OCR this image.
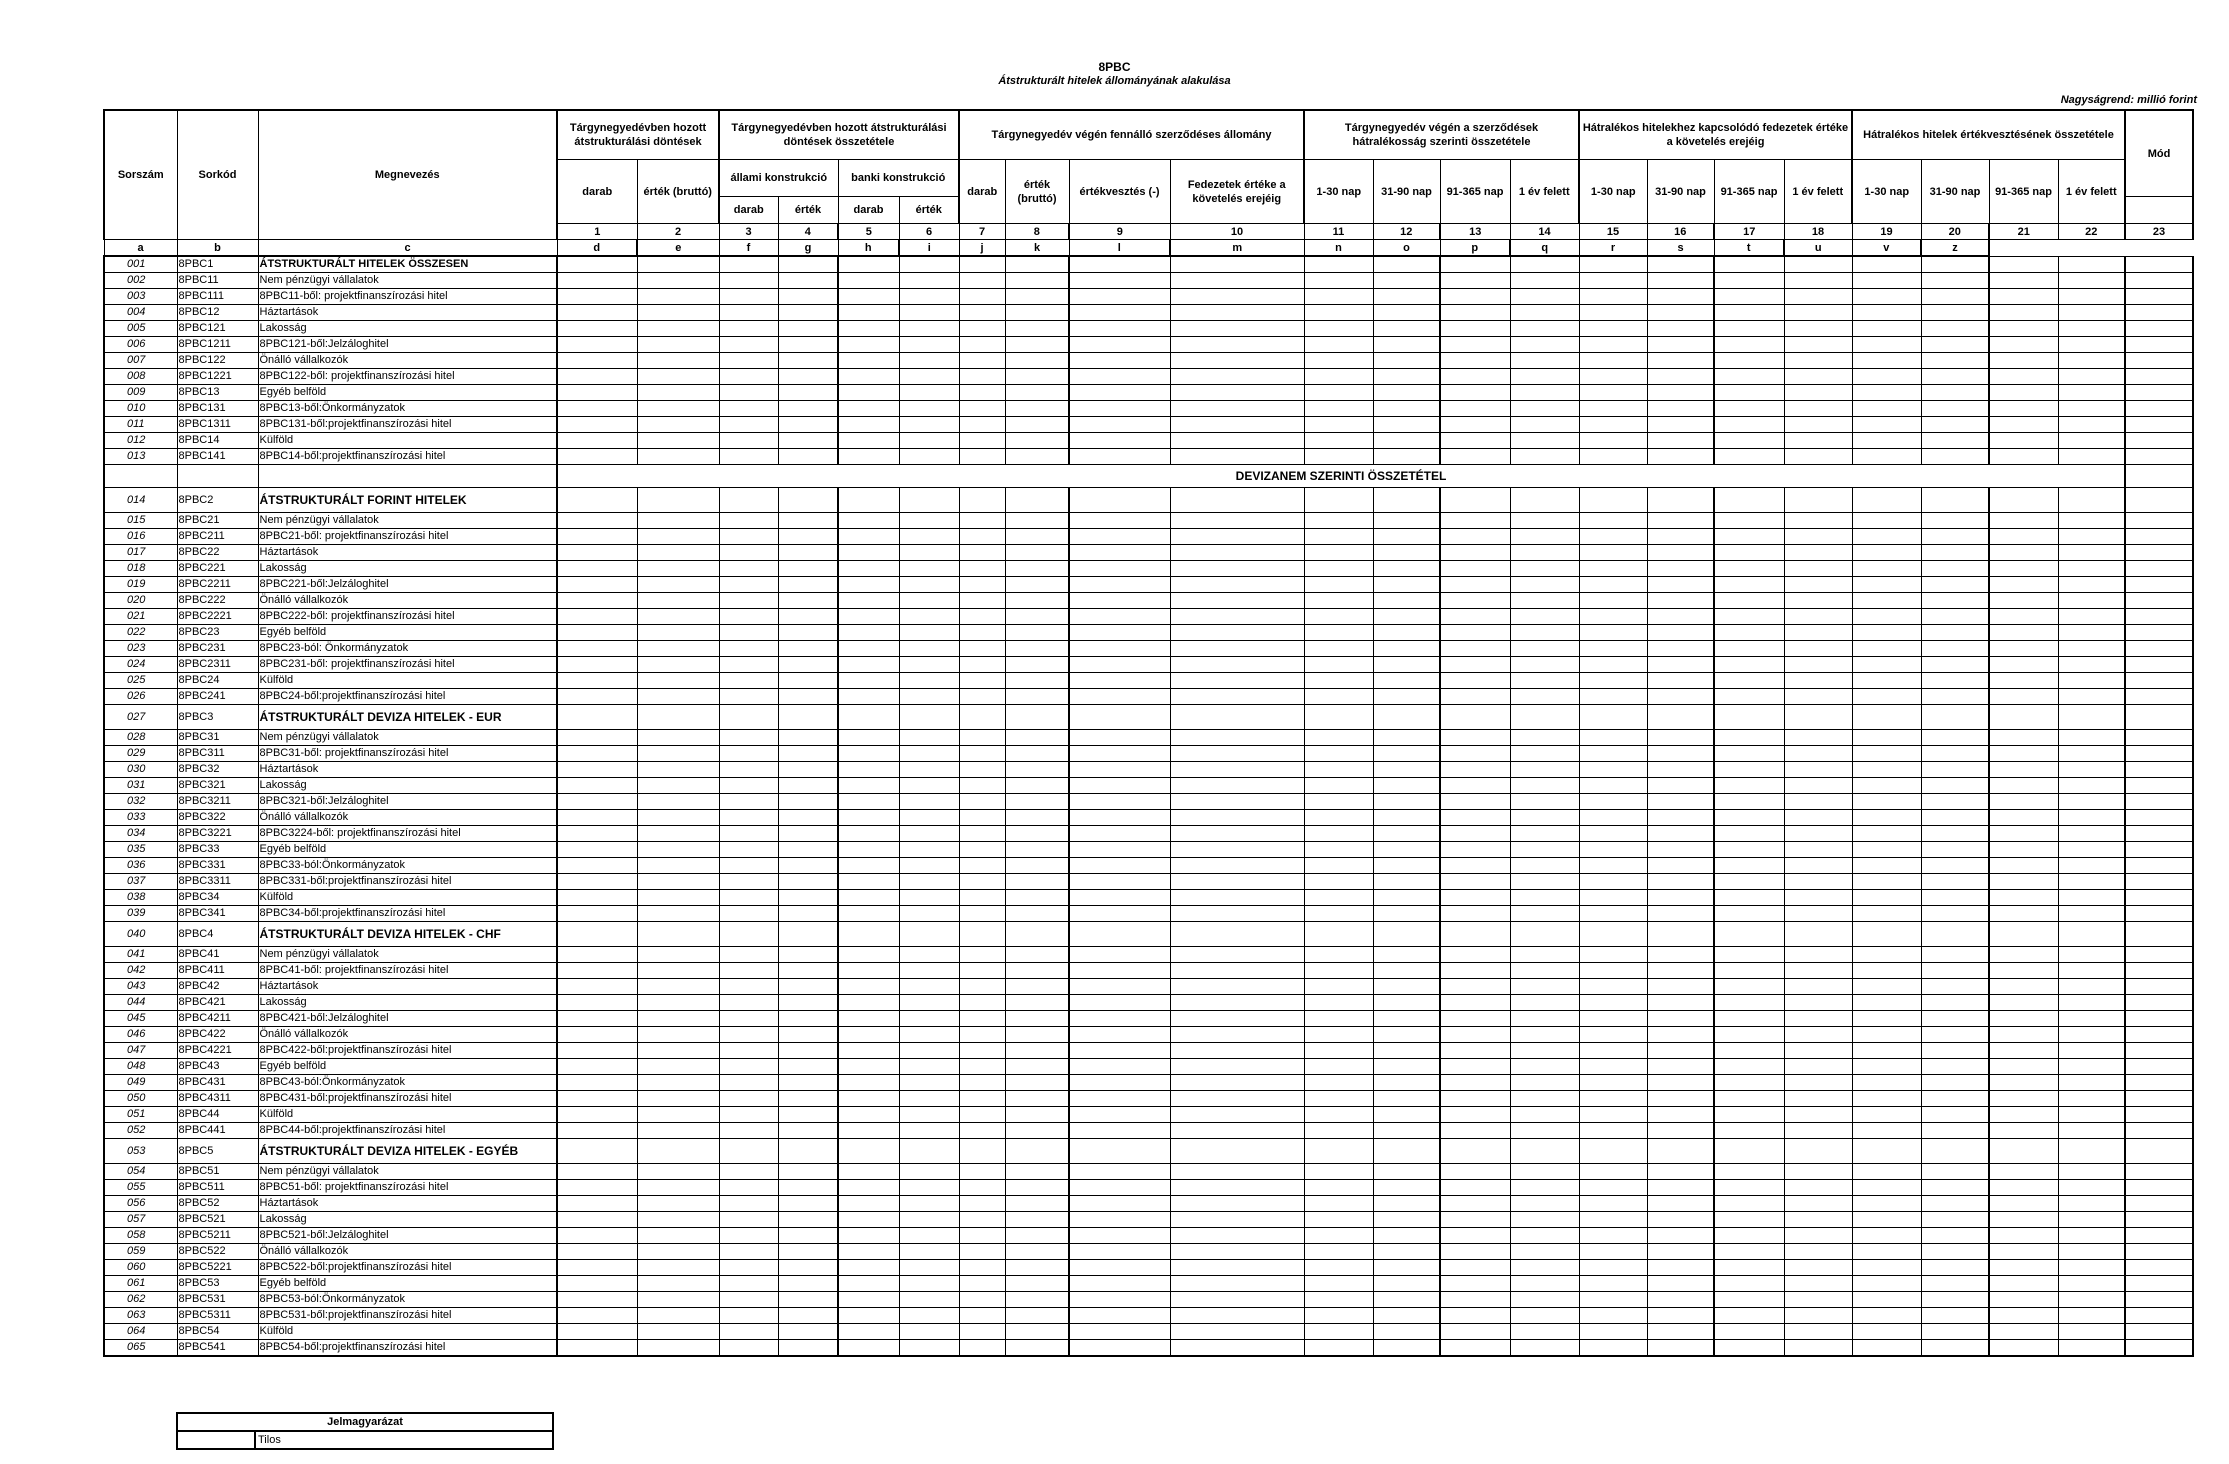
8PBC
Átstrukturált hitelek állományának alakulása
Nagyságrend: millió forint
Sorszám	Sorkód	Megnevezés	Tárgynegyedévben hozott átstrukturálási döntések		Tárgynegyedévben hozott átstrukturálási döntések összetétele				Tárgynegyedév végén fennálló szerződéses állomány				Tárgynegyedév végén a szerződések hátralékosság szerinti összetétele				Hátralékos hitelekhez kapcsolódó fedezetek értéke a követelés erejéig				Hátralékos hitelek értékvesztésének összetétele				Mód
			darab	érték (bruttó)	állami konstrukció		banki konstrukció		darab	érték (bruttó)	értékvesztés (-)	Fedezetek értéke a követelés erejéig	1-30 nap	31-90 nap	91-365 nap	1 év felett	1-30 nap	31-90 nap	91-365 nap	1 év felett	1-30 nap	31-90 nap	91-365 nap	1 év felett	
					darab	érték	darab	érték																	
			1	2	3	4	5	6	7	8	9	10	11	12	13	14	15	16	17	18	19	20	21	22	23
a	b	c	d	e	f	g	h	i	j	k	l	m	n	o	p	q	r	s	t	u	v	z			
001	8PBC1	ÁTSTRUKTURÁLT HITELEK ÖSSZESEN																							
002	8PBC11	Nem pénzügyi vállalatok																							
003	8PBC111	8PBC11-ből: projektfinanszírozási hitel																							
004	8PBC12	Háztartások																							
005	8PBC121	Lakosság																							
006	8PBC1211	8PBC121-ből:Jelzáloghitel																							
007	8PBC122	Önálló vállalkozók																							
008	8PBC1221	8PBC122-ből: projektfinanszírozási hitel																							
009	8PBC13	Egyéb belföld																							
010	8PBC131	8PBC13-ből:Önkormányzatok																							
011	8PBC1311	8PBC131-ből:projektfinanszírozási hitel																							
012	8PBC14	Külföld																							
013	8PBC141	8PBC14-ből:projektfinanszírozási hitel																							
			DEVIZANEM SZERINTI ÖSSZETÉTEL																						
014	8PBC2	ÁTSTRUKTURÁLT FORINT HITELEK																							
015	8PBC21	Nem pénzügyi vállalatok																							
016	8PBC211	8PBC21-ből: projektfinanszírozási hitel																							
017	8PBC22	Háztartások																							
018	8PBC221	Lakosság																							
019	8PBC2211	8PBC221-ből:Jelzáloghitel																							
020	8PBC222	Önálló vállalkozók																							
021	8PBC2221	8PBC222-ből: projektfinanszírozási hitel																							
022	8PBC23	Egyéb belföld																							
023	8PBC231	8PBC23-ból: Önkormányzatok																							
024	8PBC2311	8PBC231-ből: projektfinanszírozási hitel																							
025	8PBC24	Külföld																							
026	8PBC241	8PBC24-ből:projektfinanszírozási hitel																							
027	8PBC3	ÁTSTRUKTURÁLT DEVIZA HITELEK - EUR																							
028	8PBC31	Nem pénzügyi vállalatok																							
029	8PBC311	8PBC31-ből: projektfinanszírozási hitel																							
030	8PBC32	Háztartások																							
031	8PBC321	Lakosság																							
032	8PBC3211	8PBC321-ből:Jelzáloghitel																							
033	8PBC322	Önálló vállalkozók																							
034	8PBC3221	8PBC3224-ből: projektfinanszírozási hitel																							
035	8PBC33	Egyéb belföld																							
036	8PBC331	8PBC33-ból:Önkormányzatok																							
037	8PBC3311	8PBC331-ből:projektfinanszírozási hitel																							
038	8PBC34	Külföld																							
039	8PBC341	8PBC34-ből:projektfinanszírozási hitel																							
040	8PBC4	ÁTSTRUKTURÁLT DEVIZA HITELEK - CHF																							
041	8PBC41	Nem pénzügyi vállalatok																							
042	8PBC411	8PBC41-ből: projektfinanszírozási hitel																							
043	8PBC42	Háztartások																							
044	8PBC421	Lakosság																							
045	8PBC4211	8PBC421-ből:Jelzáloghitel																							
046	8PBC422	Önálló vállalkozók																							
047	8PBC4221	8PBC422-ből:projektfinanszírozási hitel																							
048	8PBC43	Egyéb belföld																							
049	8PBC431	8PBC43-ból:Önkormányzatok																							
050	8PBC4311	8PBC431-ből:projektfinanszírozási hitel																							
051	8PBC44	Külföld																							
052	8PBC441	8PBC44-ből:projektfinanszírozási hitel																							
053	8PBC5	ÁTSTRUKTURÁLT DEVIZA HITELEK - EGYÉB																							
054	8PBC51	Nem pénzügyi vállalatok																							
055	8PBC511	8PBC51-ből: projektfinanszírozási hitel																							
056	8PBC52	Háztartások																							
057	8PBC521	Lakosság																							
058	8PBC5211	8PBC521-ből:Jelzáloghitel																							
059	8PBC522	Önálló vállalkozók																							
060	8PBC5221	8PBC522-ből:projektfinanszírozási hitel																							
061	8PBC53	Egyéb belföld																							
062	8PBC531	8PBC53-ból:Önkormányzatok																							
063	8PBC5311	8PBC531-ből:projektfinanszírozási hitel																							
064	8PBC54	Külföld																							
065	8PBC541	8PBC54-ből:projektfinanszírozási hitel																							
Jelmagyarázat
	Tilos
